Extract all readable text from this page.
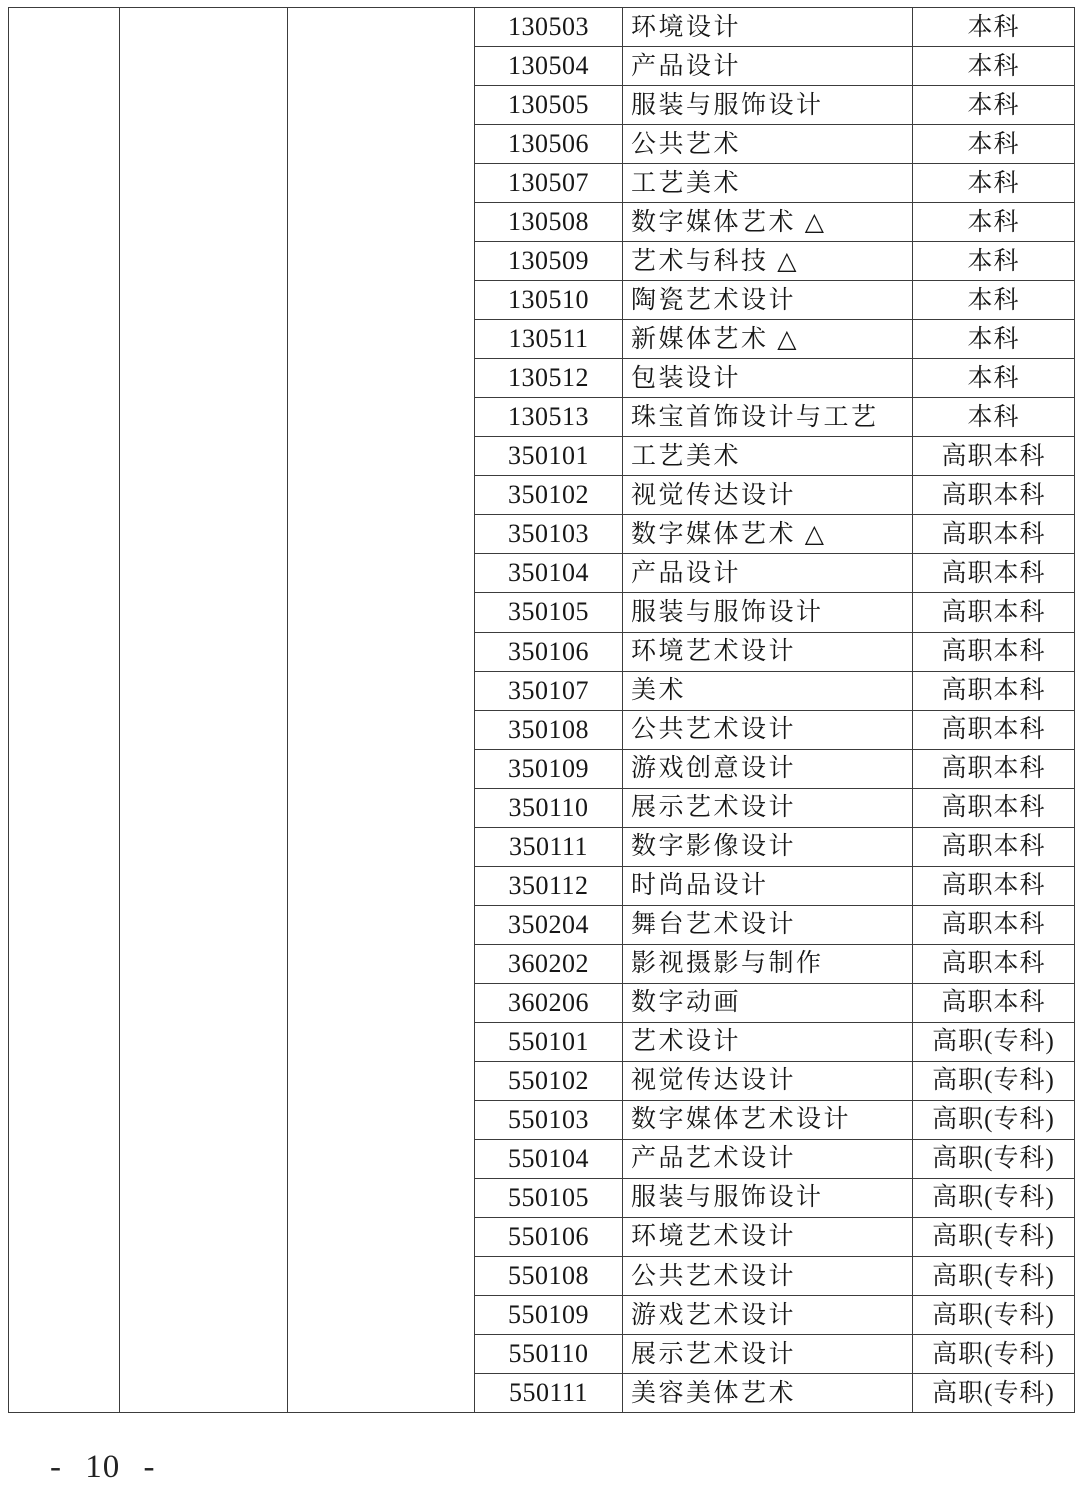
130503	环境设计	本科
130504	产品设计	本科
130505	服装与服饰设计	本科
130506	公共艺术	本科
130507	工艺美术	本科
130508	数字媒体艺术 △	本科
130509	艺术与科技 △	本科
130510	陶瓷艺术设计	本科
130511	新媒体艺术 △	本科
130512	包装设计	本科
130513	珠宝首饰设计与工艺	本科
350101	工艺美术	高职本科
350102	视觉传达设计	高职本科
350103	数字媒体艺术 △	高职本科
350104	产品设计	高职本科
350105	服装与服饰设计	高职本科
350106	环境艺术设计	高职本科
350107	美术	高职本科
350108	公共艺术设计	高职本科
350109	游戏创意设计	高职本科
350110	展示艺术设计	高职本科
350111	数字影像设计	高职本科
350112	时尚品设计	高职本科
350204	舞台艺术设计	高职本科
360202	影视摄影与制作	高职本科
360206	数字动画	高职本科
550101	艺术设计	高职(专科)
550102	视觉传达设计	高职(专科)
550103	数字媒体艺术设计	高职(专科)
550104	产品艺术设计	高职(专科)
550105	服装与服饰设计	高职(专科)
550106	环境艺术设计	高职(专科)
550108	公共艺术设计	高职(专科)
550109	游戏艺术设计	高职(专科)
550110	展示艺术设计	高职(专科)
550111	美容美体艺术	高职(专科)
- 10 -
